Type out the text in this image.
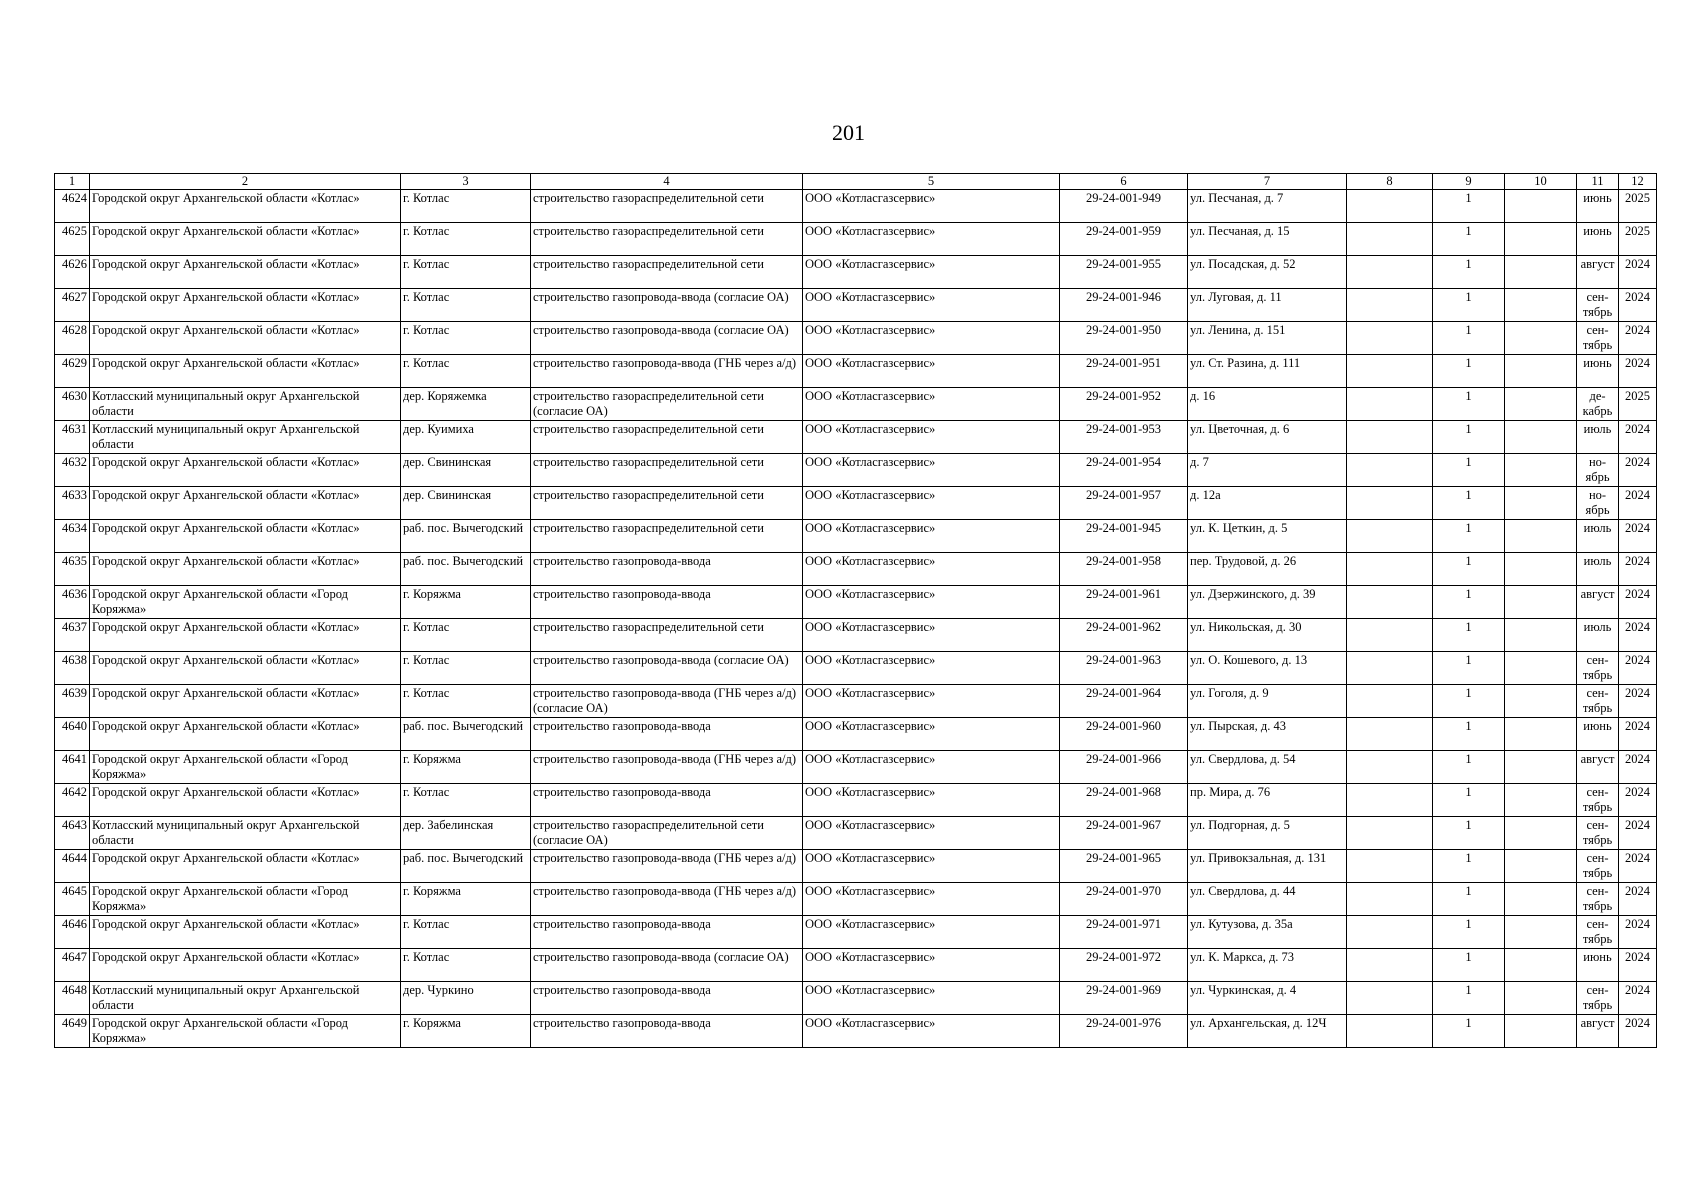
201
1	2	3	4	5	6	7	8	9	10	11	12
4624	Городской округ Архангельской области «Котлас»	г. Котлас	строительство газораспределительной сети	ООО «Котласгазсервис»	29-24-001-949	ул. Песчаная, д. 7		1		июнь	2025
4625	Городской округ Архангельской области «Котлас»	г. Котлас	строительство газораспределительной сети	ООО «Котласгазсервис»	29-24-001-959	ул. Песчаная, д. 15		1		июнь	2025
4626	Городской округ Архангельской области «Котлас»	г. Котлас	строительство газораспределительной сети	ООО «Котласгазсервис»	29-24-001-955	ул. Посадская, д. 52		1		август	2024
4627	Городской округ Архангельской области «Котлас»	г. Котлас	строительство газопровода-ввода (согласие ОА)	ООО «Котласгазсервис»	29-24-001-946	ул. Луговая, д. 11		1		сен-тябрь	2024
4628	Городской округ Архангельской области «Котлас»	г. Котлас	строительство газопровода-ввода (согласие ОА)	ООО «Котласгазсервис»	29-24-001-950	ул. Ленина, д. 151		1		сен-тябрь	2024
4629	Городской округ Архангельской области «Котлас»	г. Котлас	строительство газопровода-ввода (ГНБ через а/д)	ООО «Котласгазсервис»	29-24-001-951	ул. Ст. Разина, д. 111		1		июнь	2024
4630	Котласский муниципальный округ Архангельской области	дер. Коряжемка	строительство газораспределительной сети (согласие ОА)	ООО «Котласгазсервис»	29-24-001-952	д. 16		1		де-кабрь	2025
4631	Котласский муниципальный округ Архангельской области	дер. Куимиха	строительство газораспределительной сети	ООО «Котласгазсервис»	29-24-001-953	ул. Цветочная, д. 6		1		июль	2024
4632	Городской округ Архангельской области «Котлас»	дер. Свининская	строительство газораспределительной сети	ООО «Котласгазсервис»	29-24-001-954	д. 7		1		но-ябрь	2024
4633	Городской округ Архангельской области «Котлас»	дер. Свининская	строительство газораспределительной сети	ООО «Котласгазсервис»	29-24-001-957	д. 12а		1		но-ябрь	2024
4634	Городской округ Архангельской области «Котлас»	раб. пос. Вычегодский	строительство газораспределительной сети	ООО «Котласгазсервис»	29-24-001-945	ул. К. Цеткин, д. 5		1		июль	2024
4635	Городской округ Архангельской области «Котлас»	раб. пос. Вычегодский	строительство газопровода-ввода	ООО «Котласгазсервис»	29-24-001-958	пер. Трудовой, д. 26		1		июль	2024
4636	Городской округ Архангельской области «Город Коряжма»	г. Коряжма	строительство газопровода-ввода	ООО «Котласгазсервис»	29-24-001-961	ул. Дзержинского, д. 39		1		август	2024
4637	Городской округ Архангельской области «Котлас»	г. Котлас	строительство газораспределительной сети	ООО «Котласгазсервис»	29-24-001-962	ул. Никольская, д. 30		1		июль	2024
4638	Городской округ Архангельской области «Котлас»	г. Котлас	строительство газопровода-ввода (согласие ОА)	ООО «Котласгазсервис»	29-24-001-963	ул. О. Кошевого, д. 13		1		сен-тябрь	2024
4639	Городской округ Архангельской области «Котлас»	г. Котлас	строительство газопровода-ввода (ГНБ через а/д) (согласие ОА)	ООО «Котласгазсервис»	29-24-001-964	ул. Гоголя, д. 9		1		сен-тябрь	2024
4640	Городской округ Архангельской области «Котлас»	раб. пос. Вычегодский	строительство газопровода-ввода	ООО «Котласгазсервис»	29-24-001-960	ул. Пырская, д. 43		1		июнь	2024
4641	Городской округ Архангельской области «Город Коряжма»	г. Коряжма	строительство газопровода-ввода (ГНБ через а/д)	ООО «Котласгазсервис»	29-24-001-966	ул. Свердлова, д. 54		1		август	2024
4642	Городской округ Архангельской области «Котлас»	г. Котлас	строительство газопровода-ввода	ООО «Котласгазсервис»	29-24-001-968	пр. Мира, д. 76		1		сен-тябрь	2024
4643	Котласский муниципальный округ Архангельской области	дер. Забелинская	строительство газораспределительной сети (согласие ОА)	ООО «Котласгазсервис»	29-24-001-967	ул. Подгорная, д. 5		1		сен-тябрь	2024
4644	Городской округ Архангельской области «Котлас»	раб. пос. Вычегодский	строительство газопровода-ввода (ГНБ через а/д)	ООО «Котласгазсервис»	29-24-001-965	ул. Привокзальная, д. 131		1		сен-тябрь	2024
4645	Городской округ Архангельской области «Город Коряжма»	г. Коряжма	строительство газопровода-ввода (ГНБ через а/д)	ООО «Котласгазсервис»	29-24-001-970	ул. Свердлова, д. 44		1		сен-тябрь	2024
4646	Городской округ Архангельской области «Котлас»	г. Котлас	строительство газопровода-ввода	ООО «Котласгазсервис»	29-24-001-971	ул. Кутузова, д. 35а		1		сен-тябрь	2024
4647	Городской округ Архангельской области «Котлас»	г. Котлас	строительство газопровода-ввода (согласие ОА)	ООО «Котласгазсервис»	29-24-001-972	ул. К. Маркса, д. 73		1		июнь	2024
4648	Котласский муниципальный округ Архангельской области	дер. Чуркино	строительство газопровода-ввода	ООО «Котласгазсервис»	29-24-001-969	ул. Чуркинская, д. 4		1		сен-тябрь	2024
4649	Городской округ Архангельской области «Город Коряжма»	г. Коряжма	строительство газопровода-ввода	ООО «Котласгазсервис»	29-24-001-976	ул. Архангельская, д. 12Ч		1		август	2024
